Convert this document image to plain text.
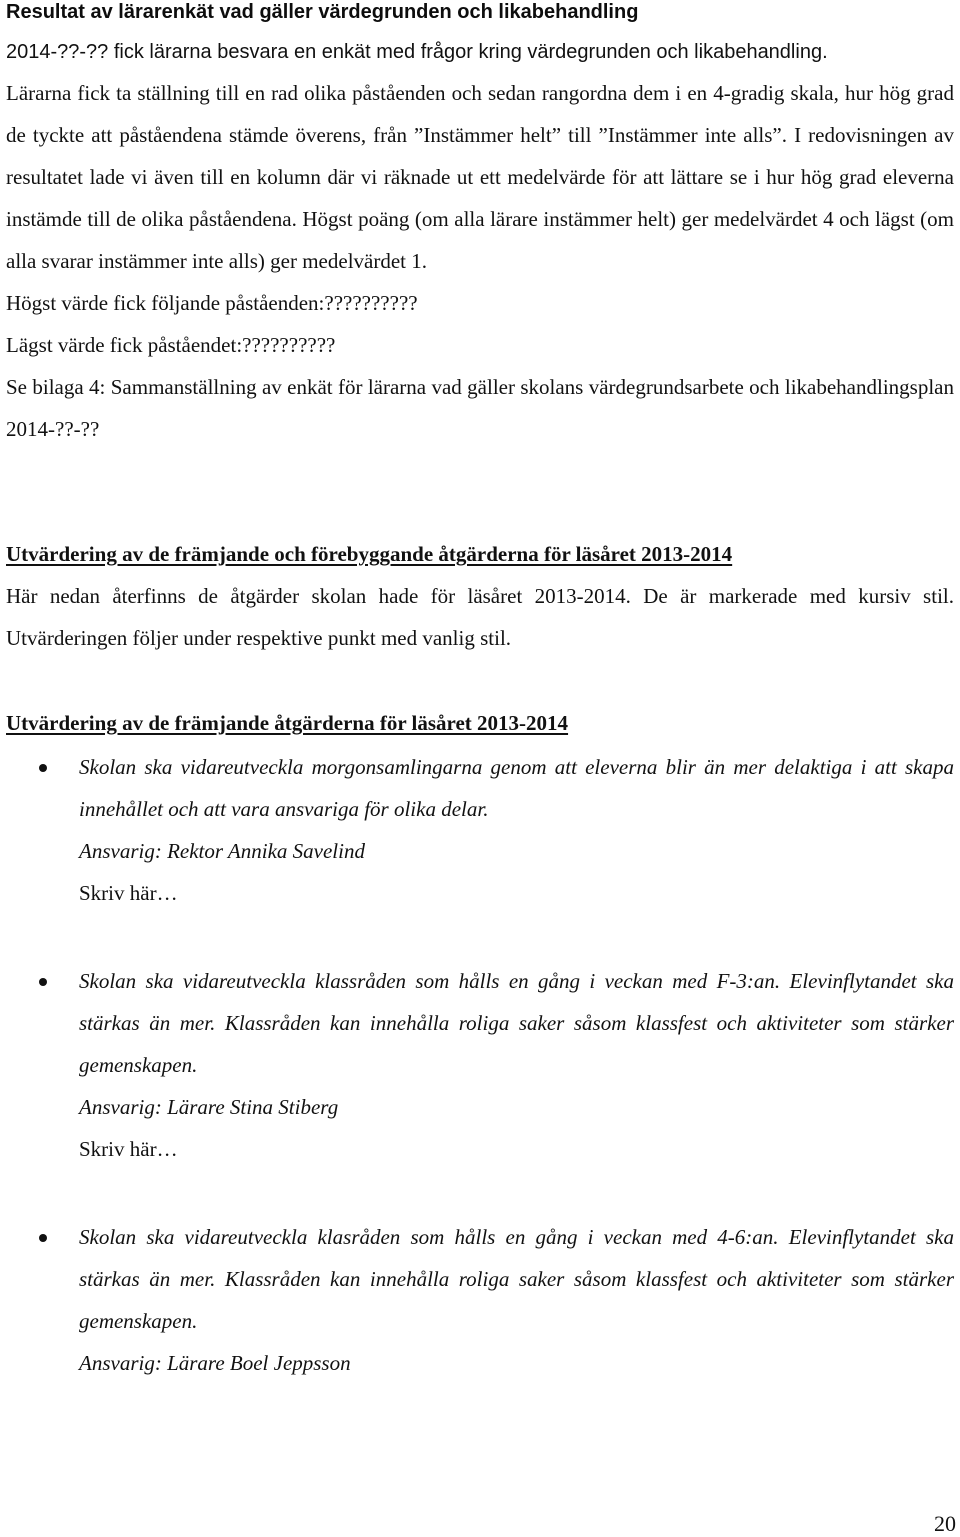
Resultat av lärarenkät vad gäller värdegrunden och likabehandling

2014-??-?? fick lärarna besvara en enkät med frågor kring värdegrunden och likabehandling.

Lärarna fick ta ställning till en rad olika påståenden och sedan rangordna dem i en 4-gradig skala, hur hög grad de tyckte att påståendena stämde överens, från ”Instämmer helt” till ”Instämmer inte alls”. I redovisningen av resultatet lade vi även till en kolumn där vi räknade ut ett medelvärde för att lättare se i hur hög grad eleverna instämde till de olika påståendena. Högst poäng (om alla lärare instämmer helt) ger medelvärdet 4 och lägst (om alla svarar instämmer inte alls) ger medelvärdet 1.

Högst värde fick följande påståenden:??????????

Lägst värde fick påståendet:??????????

Se bilaga 4: Sammanställning av enkät för lärarna vad gäller skolans värdegrundsarbete och likabehandlingsplan 2014-??-??

Utvärdering av de främjande och förebyggande åtgärderna för läsåret 2013-2014

Här nedan återfinns de åtgärder skolan hade för läsåret 2013-2014. De är markerade med kursiv stil. Utvärderingen följer under respektive punkt med vanlig stil.

Utvärdering av de främjande åtgärderna för läsåret 2013-2014

Skolan ska vidareutveckla morgonsamlingarna genom att eleverna blir än mer delaktiga i att skapa innehållet och att vara ansvariga för olika delar.

Ansvarig: Rektor Annika Savelind

Skriv här…

Skolan ska vidareutveckla klassråden som hålls en gång i veckan med F-3:an. Elevinflytandet ska stärkas än mer. Klassråden kan innehålla roliga saker såsom klassfest och aktiviteter som stärker gemenskapen.

Ansvarig: Lärare Stina Stiberg

Skriv här…

Skolan ska vidareutveckla klasråden som hålls en gång i veckan med 4-6:an. Elevinflytandet ska stärkas än mer. Klassråden kan innehålla roliga saker såsom klassfest och aktiviteter som stärker gemenskapen.

Ansvarig: Lärare Boel Jeppsson

20
